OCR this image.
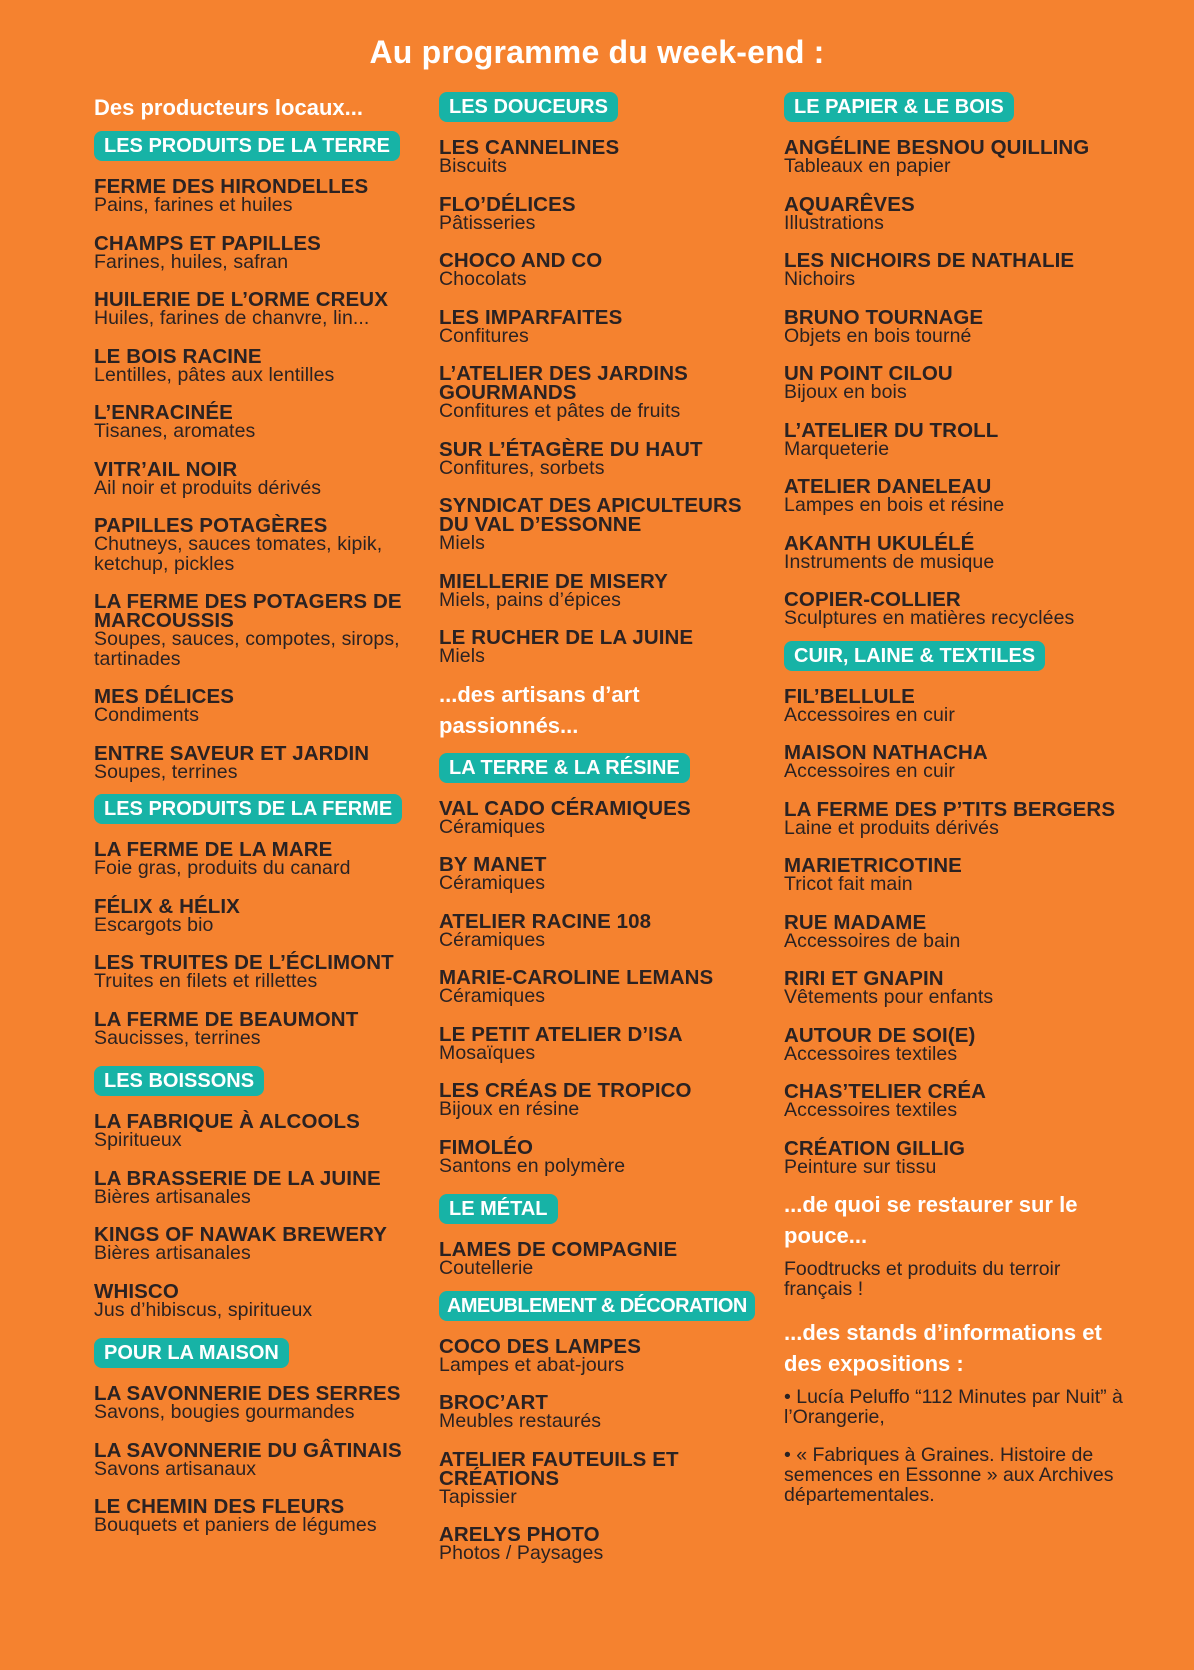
Au programme du week-end :
Des producteurs locaux...
LES PRODUITS DE LA TERRE
FERME DES HIRONDELLES
Pains, farines et huiles
CHAMPS ET PAPILLES
Farines, huiles, safran
HUILERIE DE L’ORME CREUX
Huiles, farines de chanvre, lin...
LE BOIS RACINE
Lentilles, pâtes aux lentilles
L’ENRACINÉE
Tisanes, aromates
VITR’AIL NOIR
Ail noir et produits dérivés
PAPILLES POTAGÈRES
Chutneys, sauces tomates, kipik, ketchup, pickles
LA FERME DES POTAGERS DE MARCOUSSIS
Soupes, sauces, compotes, sirops, tartinades
MES DÉLICES
Condiments
ENTRE SAVEUR ET JARDIN
Soupes, terrines
LES PRODUITS DE LA FERME
LA FERME DE LA MARE
Foie gras, produits du canard
FÉLIX & HÉLIX
Escargots bio
LES TRUITES DE L’ÉCLIMONT
Truites en filets et rillettes
LA FERME DE BEAUMONT
Saucisses, terrines
LES BOISSONS
LA FABRIQUE À ALCOOLS
Spiritueux
LA BRASSERIE DE LA JUINE
Bières artisanales
KINGS OF NAWAK BREWERY
Bières artisanales
WHISCO
Jus d’hibiscus, spiritueux
POUR LA MAISON
LA SAVONNERIE DES SERRES
Savons, bougies gourmandes
LA SAVONNERIE DU GÂTINAIS
Savons artisanaux
LE CHEMIN DES FLEURS
Bouquets et paniers de légumes
LES DOUCEURS
LES CANNELINES
Biscuits
FLO’DÉLICES
Pâtisseries
CHOCO AND CO
Chocolats
LES IMPARFAITES
Confitures
L’ATELIER DES JARDINS GOURMANDS
Confitures et pâtes de fruits
SUR L’ÉTAGÈRE DU HAUT
Confitures, sorbets
SYNDICAT DES APICULTEURS DU VAL D’ESSONNE
Miels
MIELLERIE DE MISERY
Miels, pains d’épices
LE RUCHER DE LA JUINE
Miels
...des artisans d’art passionnés...
LA TERRE & LA RÉSINE
VAL CADO CÉRAMIQUES
Céramiques
BY MANET
Céramiques
ATELIER RACINE 108
Céramiques
MARIE-CAROLINE LEMANS
Céramiques
LE PETIT ATELIER D’ISA
Mosaïques
LES CRÉAS DE TROPICO
Bijoux en résine
FIMOLÉO
Santons en polymère
LE MÉTAL
LAMES DE COMPAGNIE
Coutellerie
AMEUBLEMENT & DÉCORATION
COCO DES LAMPES
Lampes et abat-jours
BROC’ART
Meubles restaurés
ATELIER FAUTEUILS ET CRÉATIONS
Tapissier
ARELYS PHOTO
Photos / Paysages
LE PAPIER & LE BOIS
ANGÉLINE BESNOU QUILLING
Tableaux en papier
AQUARÊVES
Illustrations
LES NICHOIRS DE NATHALIE
Nichoirs
BRUNO TOURNAGE
Objets en bois tourné
UN POINT CILOU
Bijoux en bois
L’ATELIER DU TROLL
Marqueterie
ATELIER DANELEAU
Lampes en bois et résine
AKANTH UKULÉLÉ
Instruments de musique
COPIER-COLLIER
Sculptures en matières recyclées
CUIR, LAINE & TEXTILES
FIL’BELLULE
Accessoires en cuir
MAISON NATHACHA
Accessoires en cuir
LA FERME DES P’TITS BERGERS
Laine et produits dérivés
MARIETRICOTINE
Tricot fait main
RUE MADAME
Accessoires de bain
RIRI ET GNAPIN
Vêtements pour enfants
AUTOUR DE SOI(E)
Accessoires textiles
CHAS’TELIER CRÉA
Accessoires textiles
CRÉATION GILLIG
Peinture sur tissu
...de quoi se restaurer sur le pouce...
Foodtrucks et produits du terroir français !
...des stands d’informations et des expositions :
• Lucía Peluffo “112 Minutes par Nuit” à l’Orangerie,
• « Fabriques à Graines. Histoire de semences en Essonne » aux Archives départementales.
